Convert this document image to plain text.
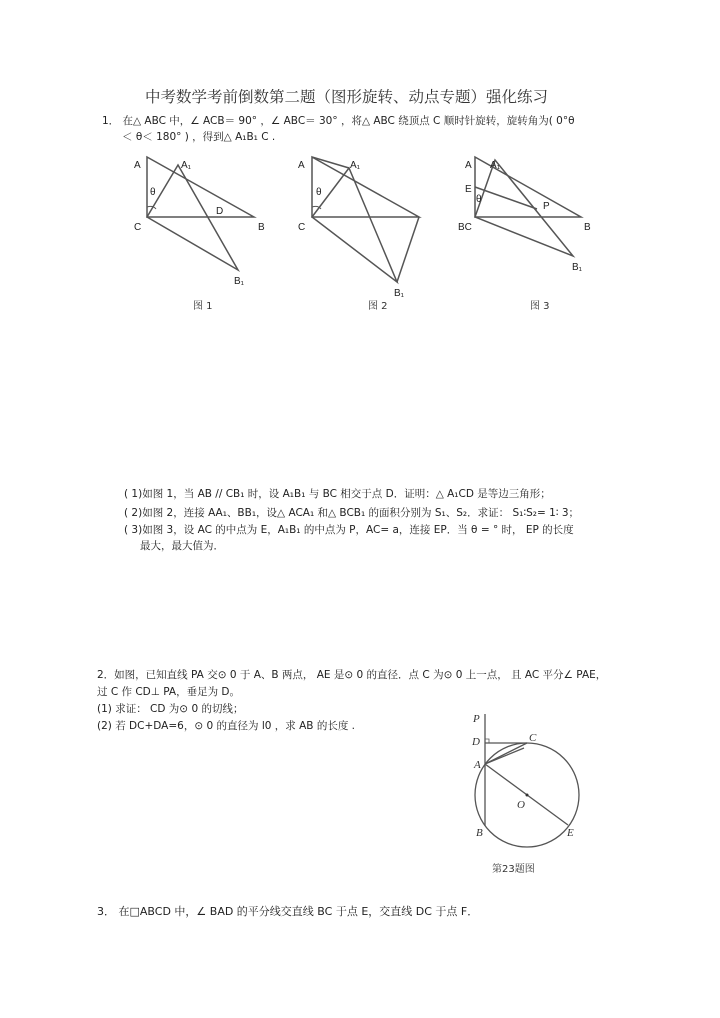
中考数学考前倒数第二题（图形旋转、动点专题）强化练习
1． 在△ ABC 中，∠ ACB＝ 90° ，∠ ABC＝ 30° ，将△ ABC 绕顶点 C 顺时针旋转，旋转角为( 0°θ
＜ θ＜ 180° ) ，得到△ A₁B₁ C .
A	A₁
θ
C
D
B
B₁
图 1
A	A₁
θ
C
B₁
图 2
A A₁
E
θ
BC
P
B
B₁
图 3
P
D	C
A
O
B	E
第23题图
( 1)如图 1，当 AB // CB₁ 时，设 A₁B₁ 与 BC 相交于点 D．证明：△ A₁CD 是等边三角形；
( 2)如图 2，连接 AA₁、BB₁，设△ ACA₁ 和△ BCB₁ 的面积分别为 S₁、S₂．求证： S₁∶S₂= 1∶ 3；
( 3)如图 3，设 AC 的中点为 E，A₁B₁ 的中点为 P，AC= a，连接 EP．当 θ = ° 时， EP 的长度
最大，最大值为．
2．如图，已知直线 PA 交⊙ 0 于 A、B 两点， AE 是⊙ 0 的直径．点 C 为⊙ 0 上一点， 且 AC 平分∠ PAE，
过 C 作 CD⊥ PA，垂足为 D。
(1) 求证： CD 为⊙ 0 的切线；
(2) 若 DC+DA=6，⊙ 0 的直径为 l0 ，求 AB 的长度 .
3． 在□ABCD 中，∠ BAD 的平分线交直线 BC 于点 E，交直线 DC 于点 F．
